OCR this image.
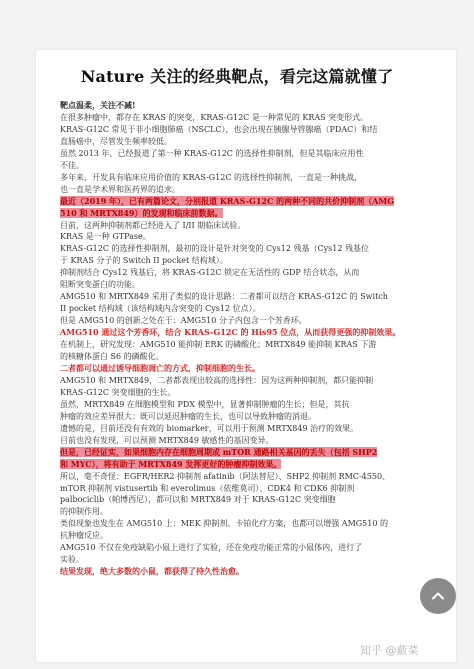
Nature 关注的经典靶点，看完这篇就懂了

靶点温柔，关注不减!

在很多肿瘤中，都存在 KRAS 的突变，KRAS-G12C 是一种常见的 KRAS 突变形式。

KRAS-G12C 常见于非小细胞肺癌（NSCLC），也会出现在胰腺导管腺癌（PDAC）和结

直肠癌中，尽管发生频率较低。

虽然 2013 年，已经报道了第一种 KRAS-G12C 的选择性抑制剂，但是其临床应用性

不佳。

多年来，开发具有临床应用价值的 KRAS-G12C 的选择性抑制剂，一直是一种挑战，

也一直是学术界和医药界的追求。

最近（2019 年），已有两篇论文，分别报道 KRAS-G12C 的两种不同的共价抑制剂（AMG

510 和 MRTX849）的发现和临床前数据。

目前，这两种抑制剂都已经进入了 I/II 期临床试验。

KRAS 是一种 GTPase。

KRAS-G12C 的选择性抑制剂，最初的设计是针对突变的 Cys12 残基（Cys12 残基位

于 KRAS 分子的 Switch II pocket 结构域）。

抑制剂结合 Cys12 残基后，将 KRAS-G12C 锁定在无活性的 GDP 结合状态，从而

阻断突变蛋白的功能。

AMG510 和 MRTX849 采用了类似的设计思路：二者都可以结合 KRAS-G12C 的 Switch

II pocket 结构域（该结构域内含突变的 Cys12 位点）。

但是 AMG510 的创新之处在于：AMG510 分子内包含一个芳香环。

AMG510 通过这个芳香环，结合 KRAS-G12C 的 His95 位点，从而获得更强的抑制效果。

在机制上，研究发现：AMG510 能抑制 ERK 的磷酸化；MRTX849 能抑制 KRAS 下游

的核糖体蛋白 S6 的磷酸化。

二者都可以通过诱导细胞凋亡的方式，抑制细胞的生长。

AMG510 和 MRTX849，二者都表现出较高的选择性：因为这两种抑制剂，都只能抑制

KRAS-G12C 突变细胞的生长。

虽然，MRTX849 在细胞模型和 PDX 模型中，显著抑制肿瘤的生长；但是，其抗

肿瘤的效应差异很大：既可以延迟肿瘤的生长，也可以导致肿瘤的消退。

遗憾的是，目前还没有有效的 biomarker，可以用于预测 MRTX849 治疗的效果。

目前也没有发现，可以预测 MRTX849 敏感性的基因变异。

但是，已经证实，如果细胞内存在细胞周期或 mTOR 通路相关基因的丢失（包括 SHP2

和 MYC），将有助于 MRTX849 发挥更好的肿瘤抑制效果。

所以，毫不奇怪：EGFR/HER2 抑制剂 afatinib（阿法替尼）、SHP2 抑制剂 RMC-4550、

mTOR 抑制剂 vistusertib 和 everolimus（依维莫司）、CDK4 和 CDK6 抑制剂

palbociclib（帕博西尼），都可以和 MRTX849 对于 KRAS-G12C 突变细胞

的抑制作用。

类似现象也发生在 AMG510 上：MEK 抑制剂、卡铂化疗方案，也都可以增强 AMG510 的

抗肿瘤反应。

AMG510 不仅在免疫缺陷小鼠上进行了实验，还在免疫功能正常的小鼠体内，进行了

实验。

结果发现，绝大多数的小鼠，都获得了持久性治愈。

知乎 @蔽菜
